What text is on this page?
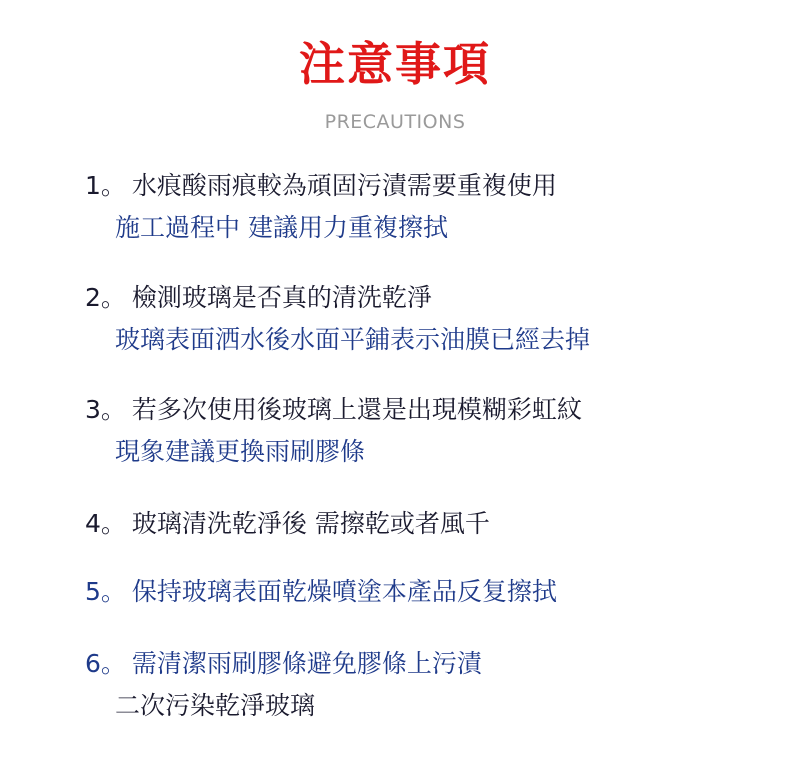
注意事項
PRECAUTIONS
1。 水痕酸雨痕較為頑固污漬需要重複使用
施工過程中 建議用力重複擦拭
2。 檢測玻璃是否真的清洗乾淨
玻璃表面洒水後水面平鋪表示油膜已經去掉
3。 若多次使用後玻璃上還是出現模糊彩虹紋
現象建議更換雨刷膠條
4。 玻璃清洗乾淨後 需擦乾或者風千
5。 保持玻璃表面乾燥噴塗本產品反复擦拭
6。 需清潔雨刷膠條避免膠條上污漬
二次污染乾淨玻璃
